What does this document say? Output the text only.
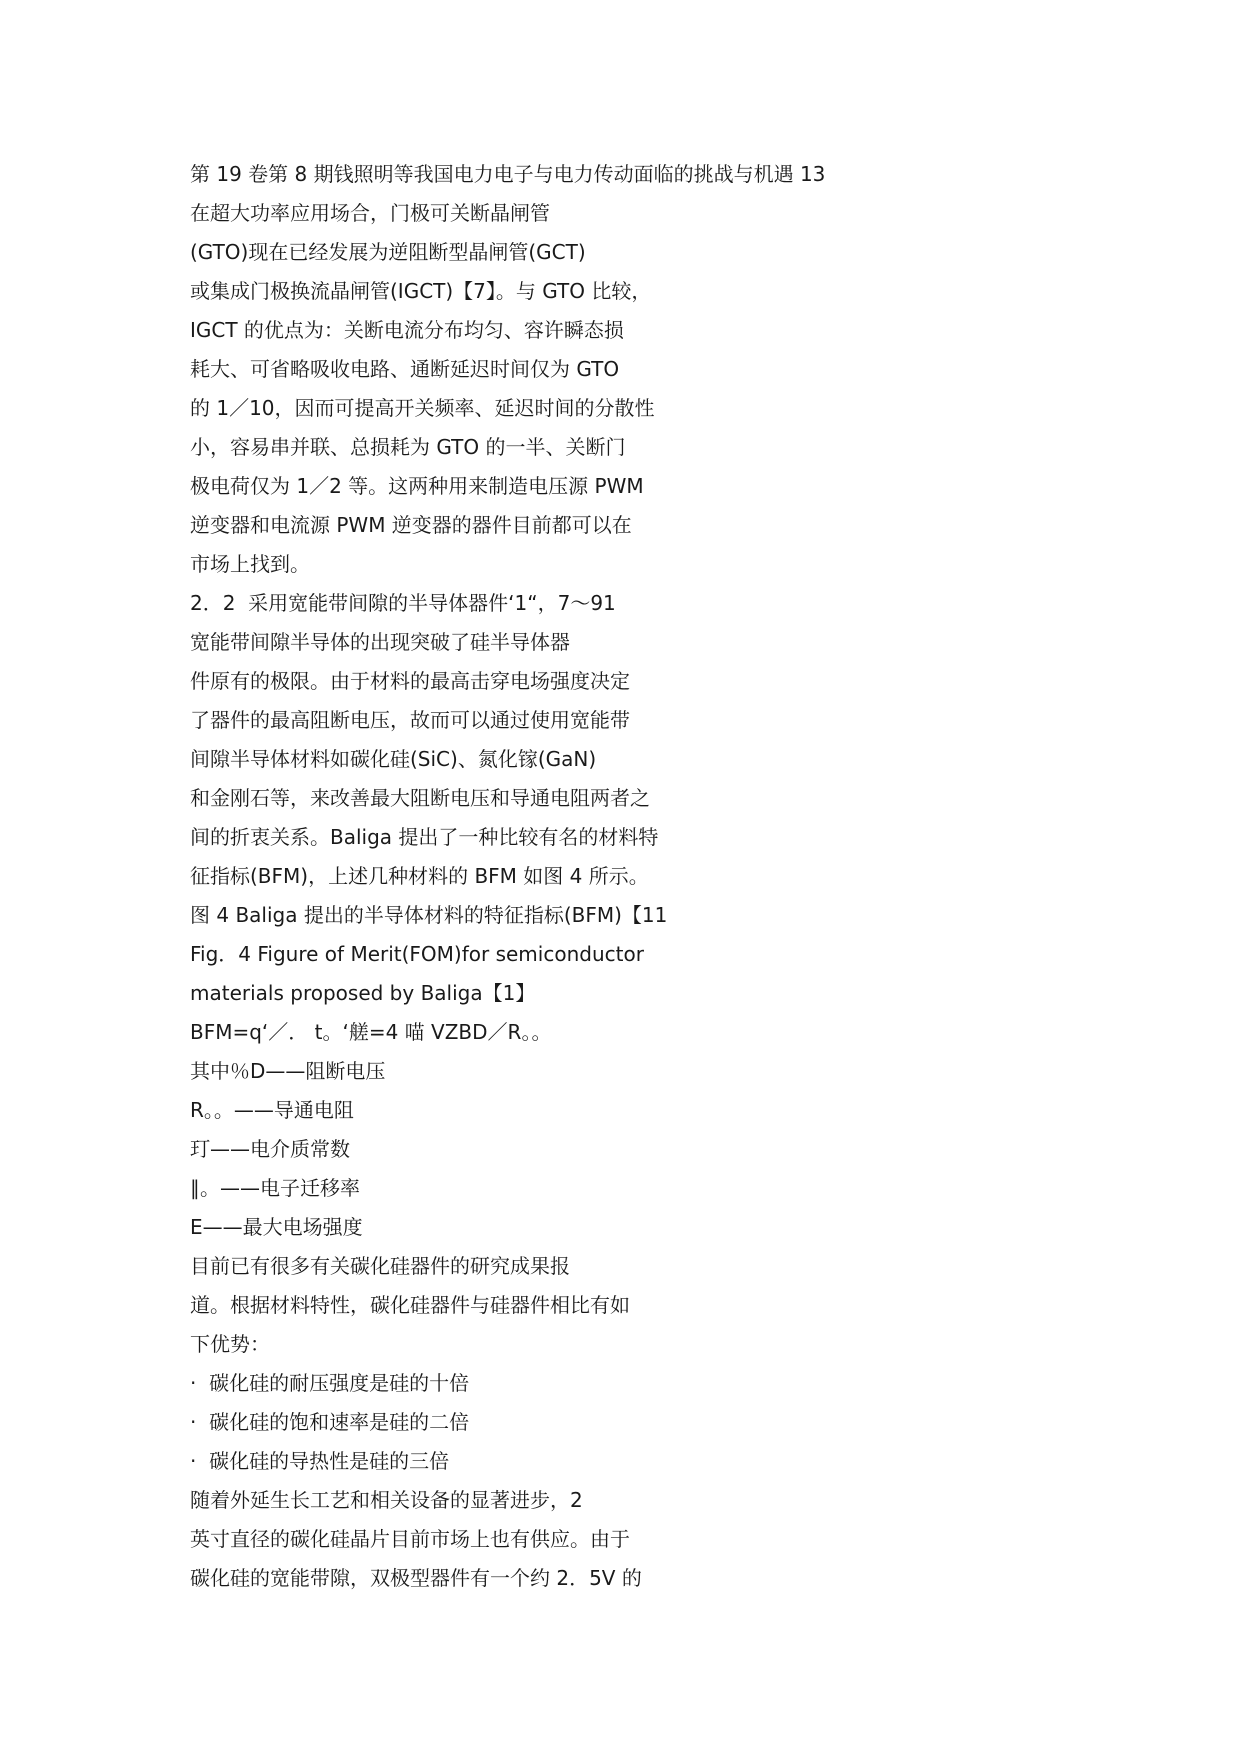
第 19 卷第 8 期钱照明等我国电力电子与电力传动面临的挑战与机遇 13
在超大功率应用场合，门极可关断晶闸管
(GTO)现在已经发展为逆阻断型晶闸管(GCT)
或集成门极换流晶闸管(IGCT)【7】。与 GTO 比较，
IGCT 的优点为：关断电流分布均匀、容许瞬态损
耗大、可省略吸收电路、通断延迟时间仅为 GTO
的 1／10，因而可提高开关频率、延迟时间的分散性
小，容易串并联、总损耗为 GTO 的一半、关断门
极电荷仅为 1／2 等。这两种用来制造电压源 PWM
逆变器和电流源 PWM 逆变器的器件目前都可以在
市场上找到。
2．2  采用宽能带间隙的半导体器件‘1“，7～91
宽能带间隙半导体的出现突破了硅半导体器
件原有的极限。由于材料的最高击穿电场强度决定
了器件的最高阻断电压，故而可以通过使用宽能带
间隙半导体材料如碳化硅(SiC)、氮化镓(GaN)
和金刚石等，来改善最大阻断电压和导通电阻两者之
间的折衷关系。Baliga 提出了一种比较有名的材料特
征指标(BFM)，上述几种材料的 BFM 如图 4 所示。
图 4 Baliga 提出的半导体材料的特征指标(BFM)【11
Fig．4 Figure of Merit(FOM)for semiconductor
materials proposed by Baliga【1】
BFM=q‘／． t。‘艖=4 喵 VZBD／R。。
其中％D——阻断电压
R。。——导通电阻
玎——电介质常数
∥。——电子迁移率
E——最大电场强度
目前已有很多有关碳化硅器件的研究成果报
道。根据材料特性，碳化硅器件与硅器件相比有如
下优势：
·  碳化硅的耐压强度是硅的十倍
·  碳化硅的饱和速率是硅的二倍
·  碳化硅的导热性是硅的三倍
随着外延生长工艺和相关设备的显著进步，2
英寸直径的碳化硅晶片目前市场上也有供应。由于
碳化硅的宽能带隙，双极型器件有一个约 2．5V 的
